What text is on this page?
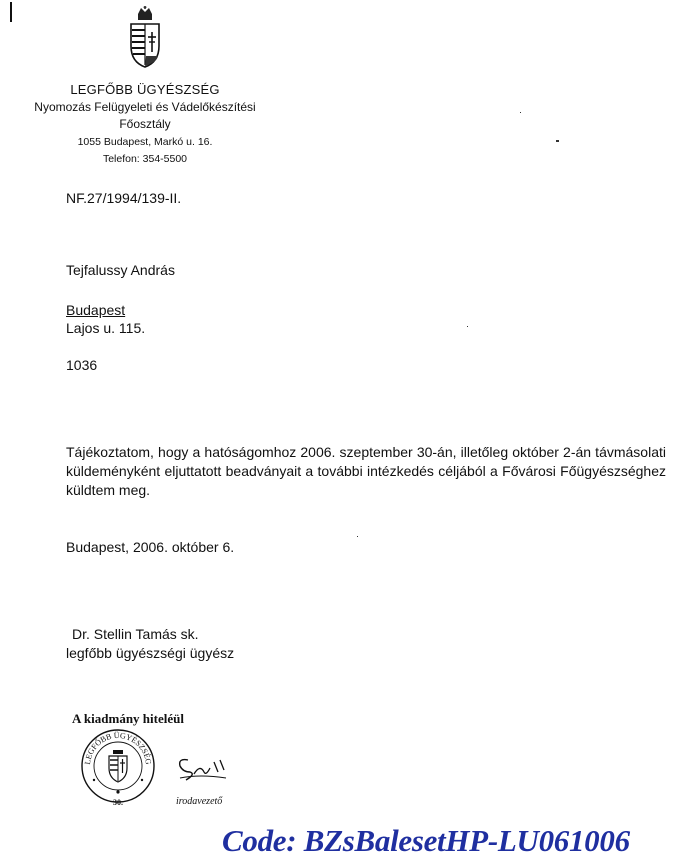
LEGFŐBB ÜGYÉSZSÉG
Nyomozás Felügyeleti és Vádelőkészítési
Főosztály
1055 Budapest, Markó u. 16.
Telefon: 354-5500
NF.27/1994/139-II.
Tejfalussy András
Budapest
Lajos u. 115.
1036
Tájékoztatom, hogy a hatóságomhoz 2006. szeptember 30-án, illetőleg október 2-án távmásolati küldeményként eljuttatott beadványait a további intézkedés céljából a Fővárosi Főügyészséghez küldtem meg.
Budapest, 2006. október 6.
Dr. Stellin Tamás sk.
legfőbb ügyészségi ügyész
A kiadmány hiteléül
LEGFŐBB ÜGYÉSZSÉG
30.	irodavezető
Code: BZsBalesetHP-LU061006
